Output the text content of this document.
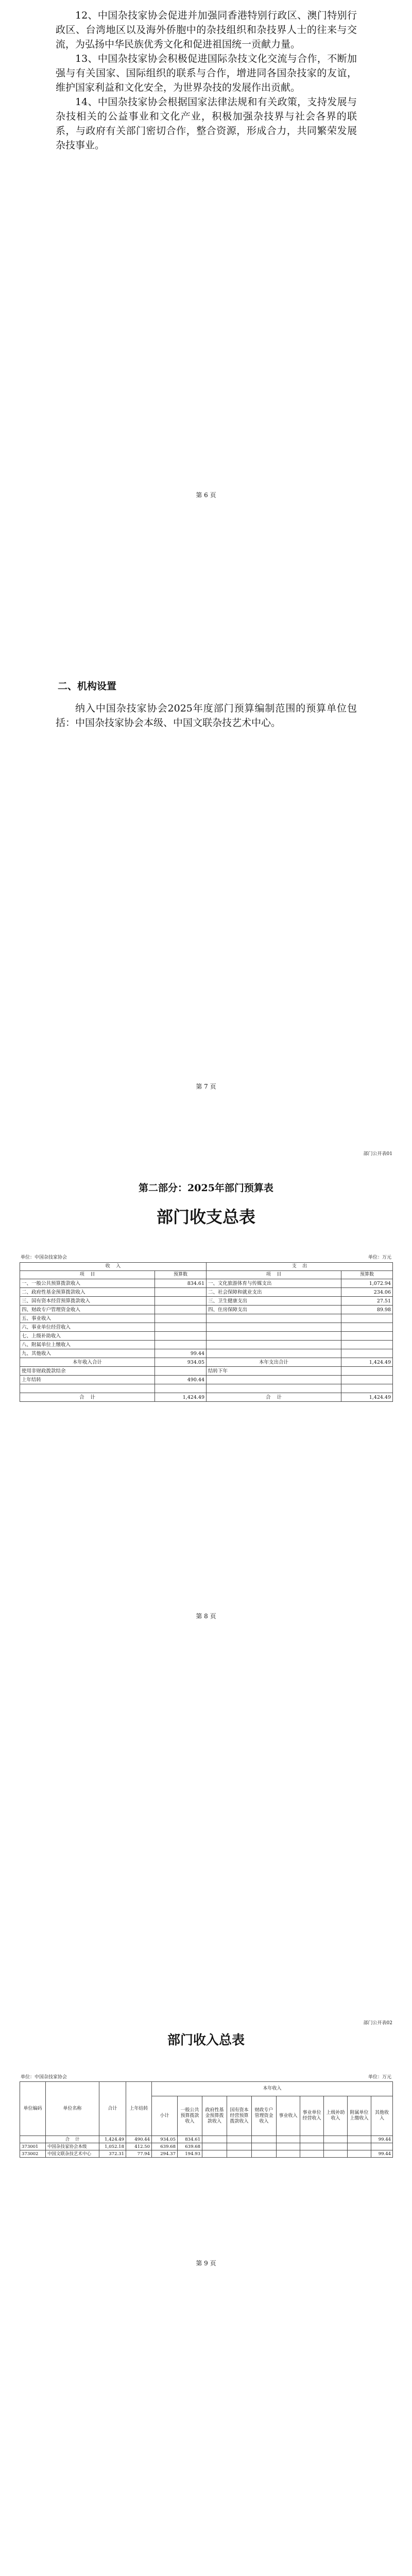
12、中国杂技家协会促进并加强同香港特别行政区、澳门特别行政区、台湾地区以及海外侨胞中的杂技组织和杂技界人士的往来与交流，为弘扬中华民族优秀文化和促进祖国统一贡献力量。

13、中国杂技家协会积极促进国际杂技文化交流与合作，不断加强与有关国家、国际组织的联系与合作，增进同各国杂技家的友谊，维护国家利益和文化安全，为世界杂技的发展作出贡献。

14、中国杂技家协会根据国家法律法规和有关政策，支持发展与杂技相关的公益事业和文化产业，积极加强杂技界与社会各界的联系，与政府有关部门密切合作，整合资源，形成合力，共同繁荣发展杂技事业。

第 6 页
二、机构设置

纳入中国杂技家协会2025年度部门预算编制范围的预算单位包括：中国杂技家协会本级、中国文联杂技艺术中心。

第 7 页
部门公开表01
第二部分：2025年部门预算表
部门收支总表
单位：中国杂技家协会	单位：万元
收    入		支    出	
项    目	预算数	项    目	预算数
一、一般公共预算拨款收入	834.61	一、文化旅游体育与传媒支出	1,072.94
二、政府性基金预算拨款收入		二、社会保障和就业支出	234.06
三、国有资本经营预算拨款收入		三、卫生健康支出	27.51
四、财政专户管理资金收入		四、住房保障支出	89.98
五、事业收入			
六、事业单位经营收入			
七、上级补助收入			
八、附属单位上缴收入			
九、其他收入	99.44		
本年收入合计	934.05	本年支出合计	1,424.49
使用非财政拨款结余		结转下年	
上年结转	490.44		

合    计	1,424.49	合    计	1,424.49
第 8 页
部门公开表02
部门收入总表
单位：中国杂技家协会	单位：万元
单位编码	单位名称	合计	上年结转	本年收入									
				小计	一般公共预算拨款收入	政府性基金预算拨款收入	国有资本经营预算拨款收入	财政专户管理资金收入	事业收入	事业单位经营收入	上级补助收入	附属单位上缴收入	其他收入
	合    计	1,424.49	490.44	934.05	834.61								99.44
373001	中国杂技家协会本级	1,052.18	412.50	639.68	639.68								
373002	中国文联杂技艺术中心	372.31	77.94	294.37	194.93								99.44
第 9 页
